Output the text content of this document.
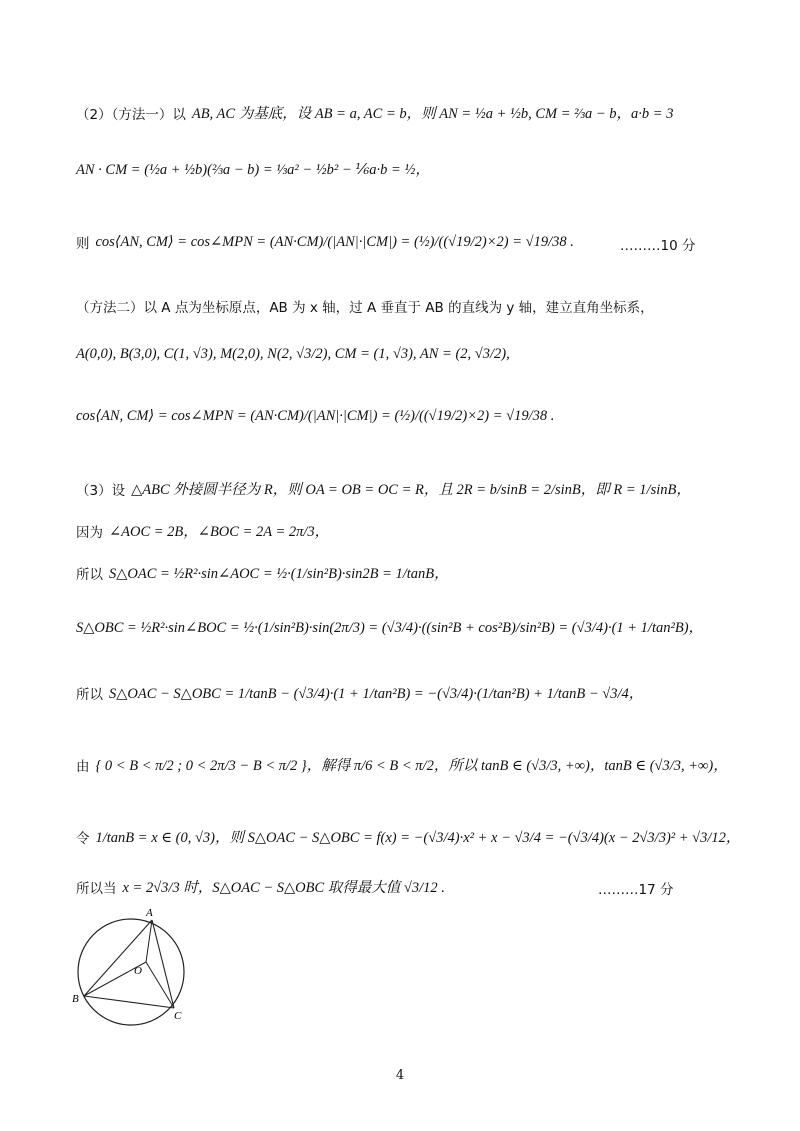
（2）（方法一）以 AB, AC 为基底，设 AB = a, AC = b，则 AN = ½a + ½b, CM = ⅔a − b，a·b = 3
AN · CM = (½a + ½b)(⅔a − b) = ⅓a² − ½b² − ⅙a·b = ½，
则 cos⟨AN, CM⟩ = cos∠MPN = (AN·CM)/(|AN|·|CM|) = (½)/((√19/2)×2) = √19/38 .	………10 分
（方法二）以 A 点为坐标原点，AB 为 x 轴，过 A 垂直于 AB 的直线为 y 轴，建立直角坐标系，
A(0,0), B(3,0), C(1, √3), M(2,0), N(2, √3/2), CM = (1, √3), AN = (2, √3/2),
cos⟨AN, CM⟩ = cos∠MPN = (AN·CM)/(|AN|·|CM|) = (½)/((√19/2)×2) = √19/38 .
（3）设 △ABC 外接圆半径为 R，则 OA = OB = OC = R，且 2R = b/sinB = 2/sinB，即 R = 1/sinB，
因为 ∠AOC = 2B，∠BOC = 2A = 2π/3，
所以 S△OAC = ½R²·sin∠AOC = ½·(1/sin²B)·sin2B = 1/tanB，
S△OBC = ½R²·sin∠BOC = ½·(1/sin²B)·sin(2π/3) = (√3/4)·((sin²B + cos²B)/sin²B) = (√3/4)·(1 + 1/tan²B)，
所以 S△OAC − S△OBC = 1/tanB − (√3/4)·(1 + 1/tan²B) = −(√3/4)·(1/tan²B) + 1/tanB − √3/4，
由 { 0 < B < π/2 ; 0 < 2π/3 − B < π/2 }，解得 π/6 < B < π/2，所以 tanB ∈ (√3/3, +∞)，tanB ∈ (√3/3, +∞)，
令 1/tanB = x ∈ (0, √3)，则 S△OAC − S△OBC = f(x) = −(√3/4)·x² + x − √3/4 = −(√3/4)(x − 2√3/3)² + √3/12，
所以当 x = 2√3/3 时，S△OAC − S△OBC 取得最大值 √3/12 .	………17 分
A
B
C
O
4
